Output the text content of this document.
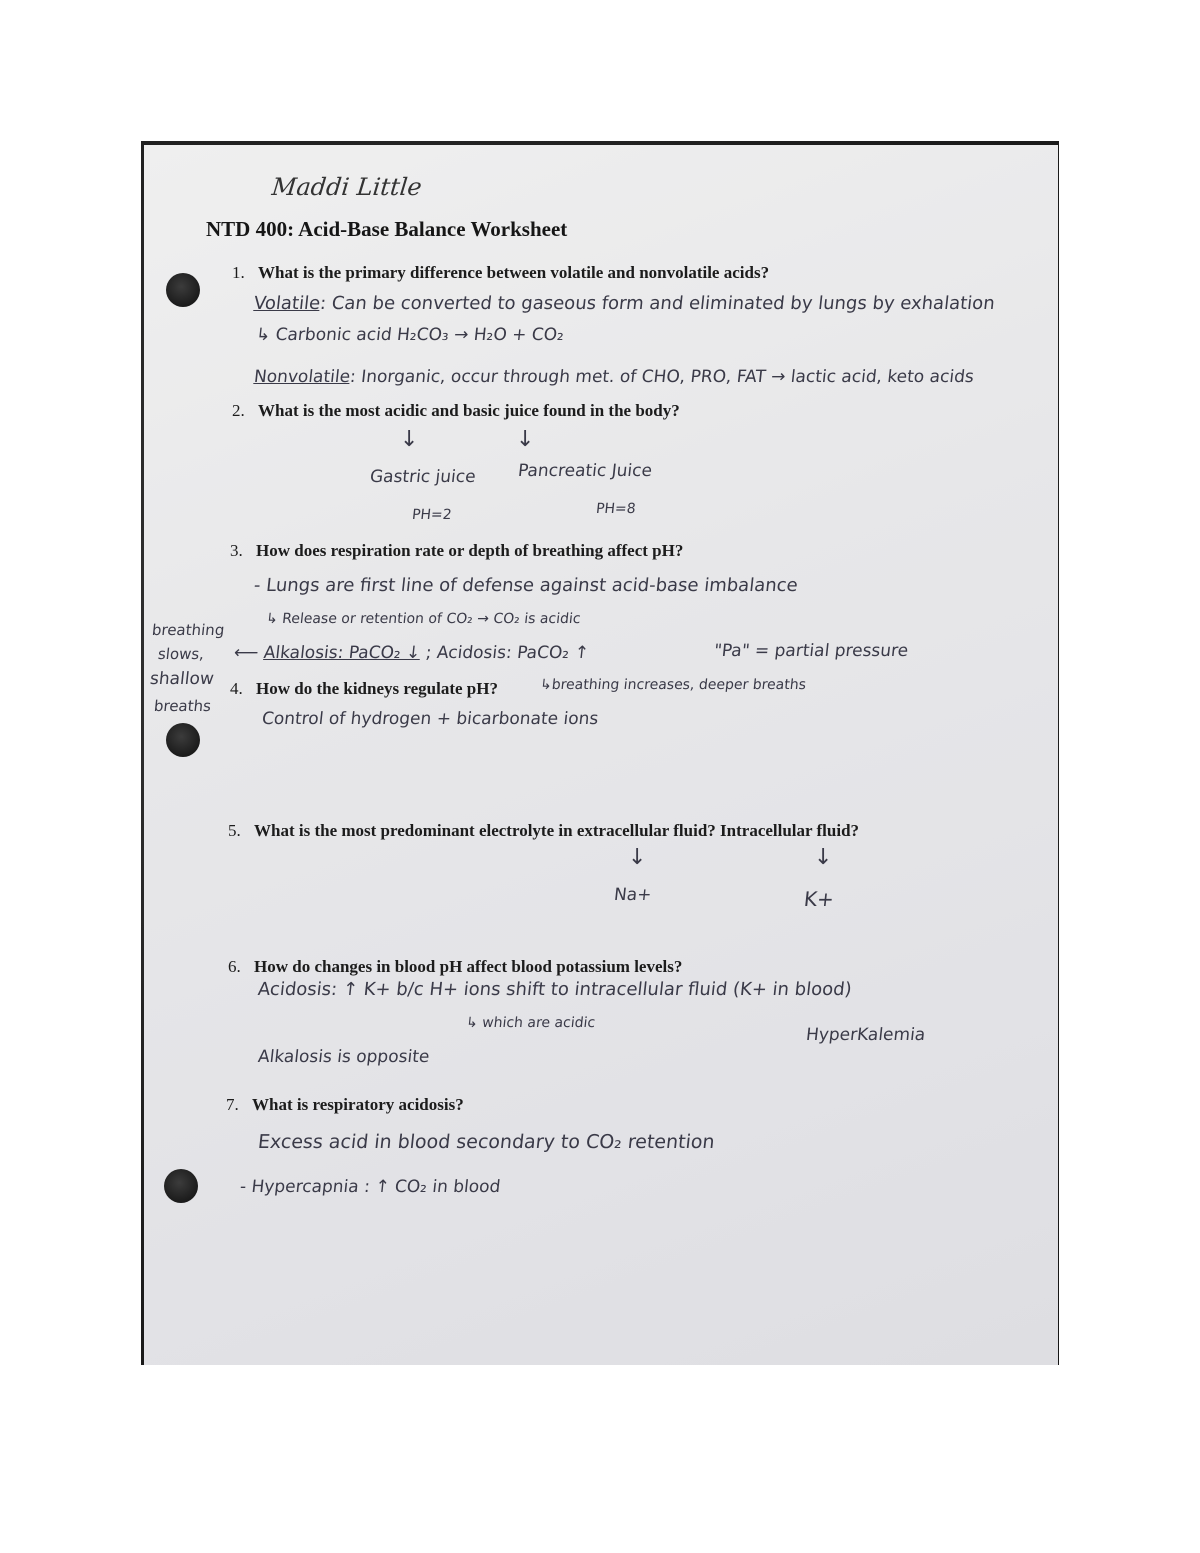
Maddi Little
NTD 400: Acid-Base Balance Worksheet
1. What is the primary difference between volatile and nonvolatile acids?
Volatile: Can be converted to gaseous form and eliminated by lungs by exhalation
↳ Carbonic acid H₂CO₃ → H₂O + CO₂
Nonvolatile: Inorganic, occur through met. of CHO, PRO, FAT → lactic acid, keto acids
2. What is the most acidic and basic juice found in the body?
↓	↓
Gastric juice Pancreatic Juice
PH=2	PH=8
3. How does respiration rate or depth of breathing affect pH?
- Lungs are first line of defense against acid-base imbalance
↳ Release or retention of CO₂ → CO₂ is acidic
⟵ Alkalosis: PaCO₂ ↓ ; Acidosis: PaCO₂ ↑	"Pa" = partial pressure
breathing
slows,
shallow
breaths
4. How do the kidneys regulate pH?	↳breathing increases, deeper breaths
Control of hydrogen + bicarbonate ions
5. What is the most predominant electrolyte in extracellular fluid? Intracellular fluid?
↓	↓
Na+	K+
6. How do changes in blood pH affect blood potassium levels?
Acidosis: ↑ K+ b/c H+ ions shift to intracellular fluid (K+ in blood)
↳ which are acidic
HyperKalemia
Alkalosis is opposite
7. What is respiratory acidosis?
Excess acid in blood secondary to CO₂ retention
- Hypercapnia : ↑ CO₂ in blood
